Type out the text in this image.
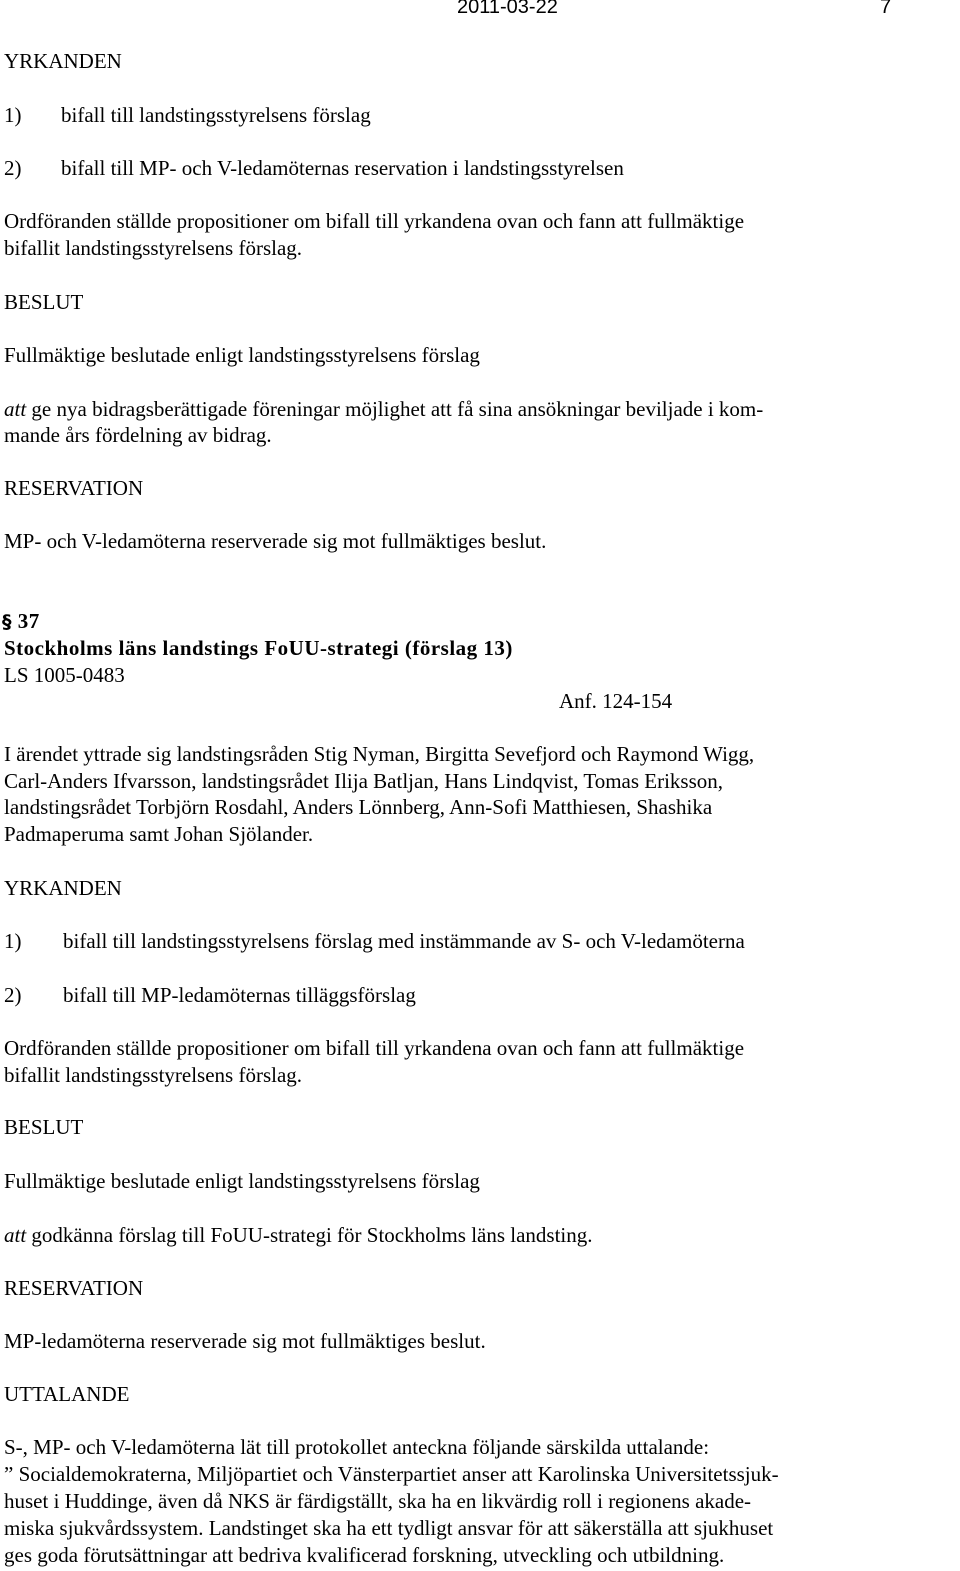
2011-03-22	7
YRKANDEN
1) bifall till landstingsstyrelsens förslag
2) bifall till MP- och V-ledamöternas reservation i landstingsstyrelsen
Ordföranden ställde propositioner om bifall till yrkandena ovan och fann att fullmäktige
bifallit landstingsstyrelsens förslag.
BESLUT
Fullmäktige beslutade enligt landstingsstyrelsens förslag
att ge nya bidragsberättigade föreningar möjlighet att få sina ansökningar beviljade i kom-
mande års fördelning av bidrag.
RESERVATION
MP- och V-ledamöterna reserverade sig mot fullmäktiges beslut.
§ 37
Stockholms läns landstings FoUU-strategi (förslag 13)
LS 1005-0483
Anf. 124-154
I ärendet yttrade sig landstingsråden Stig Nyman, Birgitta Sevefjord och Raymond Wigg,
Carl-Anders Ifvarsson, landstingsrådet Ilija Batljan, Hans Lindqvist, Tomas Eriksson,
landstingsrådet Torbjörn Rosdahl, Anders Lönnberg, Ann-Sofi Matthiesen, Shashika
Padmaperuma samt Johan Sjölander.
YRKANDEN
1) bifall till landstingsstyrelsens förslag med instämmande av S- och V-ledamöterna
2) bifall till MP-ledamöternas tilläggsförslag
Ordföranden ställde propositioner om bifall till yrkandena ovan och fann att fullmäktige
bifallit landstingsstyrelsens förslag.
BESLUT
Fullmäktige beslutade enligt landstingsstyrelsens förslag
att godkänna förslag till FoUU-strategi för Stockholms läns landsting.
RESERVATION
MP-ledamöterna reserverade sig mot fullmäktiges beslut.
UTTALANDE
S-, MP- och V-ledamöterna lät till protokollet anteckna följande särskilda uttalande:
” Socialdemokraterna, Miljöpartiet och Vänsterpartiet anser att Karolinska Universitetssjuk-
huset i Huddinge, även då NKS är färdigställt, ska ha en likvärdig roll i regionens akade-
miska sjukvårdssystem. Landstinget ska ha ett tydligt ansvar för att säkerställa att sjukhuset
ges goda förutsättningar att bedriva kvalificerad forskning, utveckling och utbildning.
